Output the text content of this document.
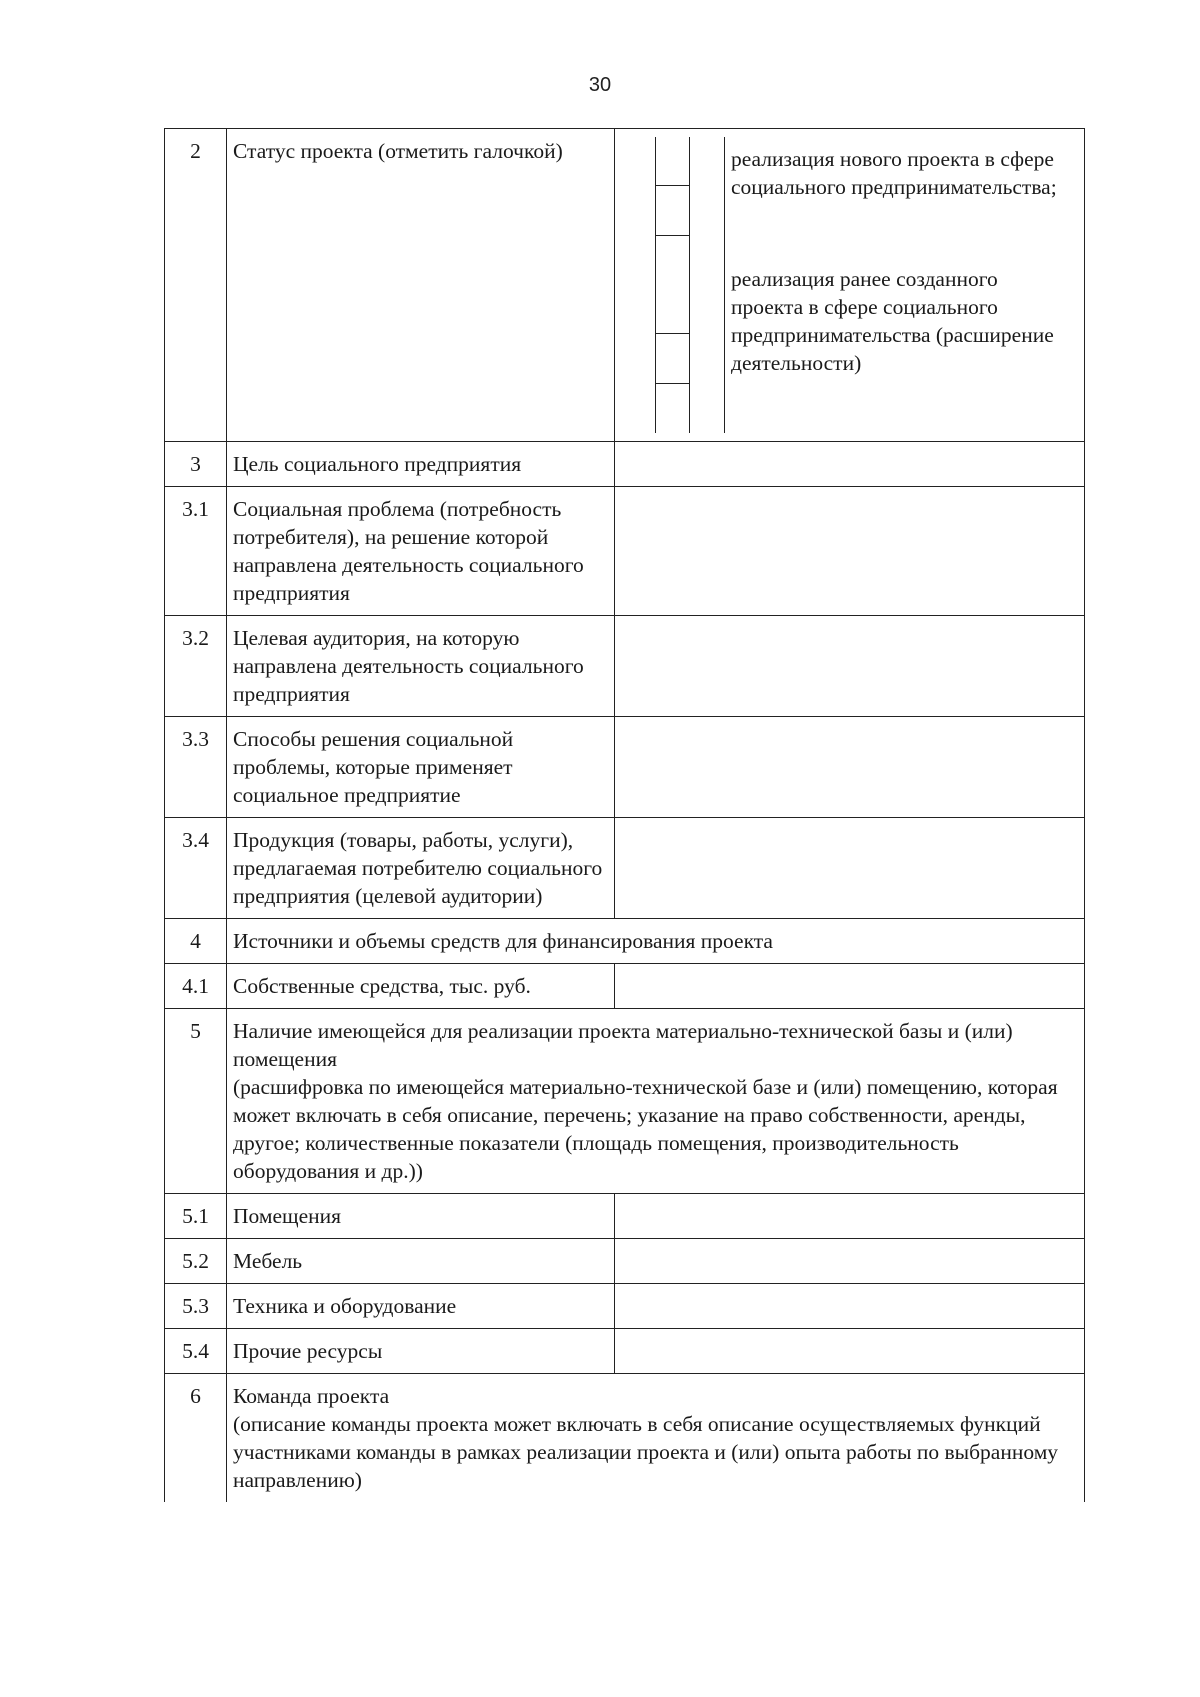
30
2	Статус проекта (отметить галочкой)	реализация нового проекта в сфере социального предпринимательства;
реализация ранее созданного проекта в сфере социального предпринимательства (расширение деятельности)

3	Цель социального предприятия	
3.1	Социальная проблема (потребность потребителя), на решение которой направлена деятельность социального предприятия	
3.2	Целевая аудитория, на которую направлена деятельность социального предприятия	
3.3	Способы решения социальной проблемы, которые применяет социальное предприятие	
3.4	Продукция (товары, работы, услуги), предлагаемая потребителю социального предприятия (целевой аудитории)	
4	Источники и объемы средств для финансирования проекта	
4.1	Собственные средства, тыс. руб.	
5	Наличие имеющейся для реализации проекта материально-технической базы и (или) помещения
(расшифровка по имеющейся материально-технической базе и (или) помещению, которая может включать в себя описание, перечень; указание на право собственности, аренды, другое; количественные показатели (площадь помещения, производительность оборудования и др.))	

5.1	Помещения	
5.2	Мебель	
5.3	Техника и оборудование	
5.4	Прочие ресурсы	
6	Команда проекта
(описание команды проекта может включать в себя описание осуществляемых функций участниками команды в рамках реализации проекта и (или) опыта работы по выбранному направлению)	
